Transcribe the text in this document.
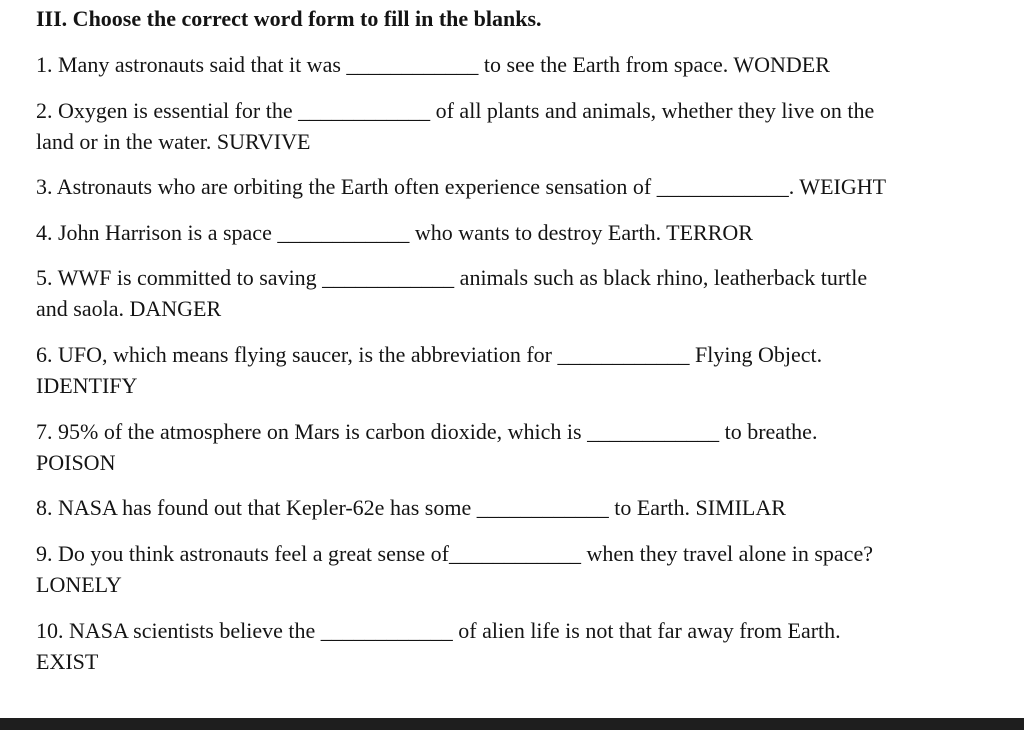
III. Choose the correct word form to fill in the blanks.
1. Many astronauts said that it was ____________ to see the Earth from space. WONDER
2. Oxygen is essential for the ____________ of all plants and animals, whether they live on the
land or in the water. SURVIVE
3. Astronauts who are orbiting the Earth often experience sensation of ____________. WEIGHT
4. John Harrison is a space ____________ who wants to destroy Earth. TERROR
5. WWF is committed to saving ____________ animals such as black rhino, leatherback turtle
and saola. DANGER
6. UFO, which means flying saucer, is the abbreviation for ____________ Flying Object.
IDENTIFY
7. 95% of the atmosphere on Mars is carbon dioxide, which is ____________ to breathe.
POISON
8. NASA has found out that Kepler-62e has some ____________ to Earth. SIMILAR
9. Do you think astronauts feel a great sense of____________ when they travel alone in space?
LONELY
10. NASA scientists believe the ____________ of alien life is not that far away from Earth.
EXIST
